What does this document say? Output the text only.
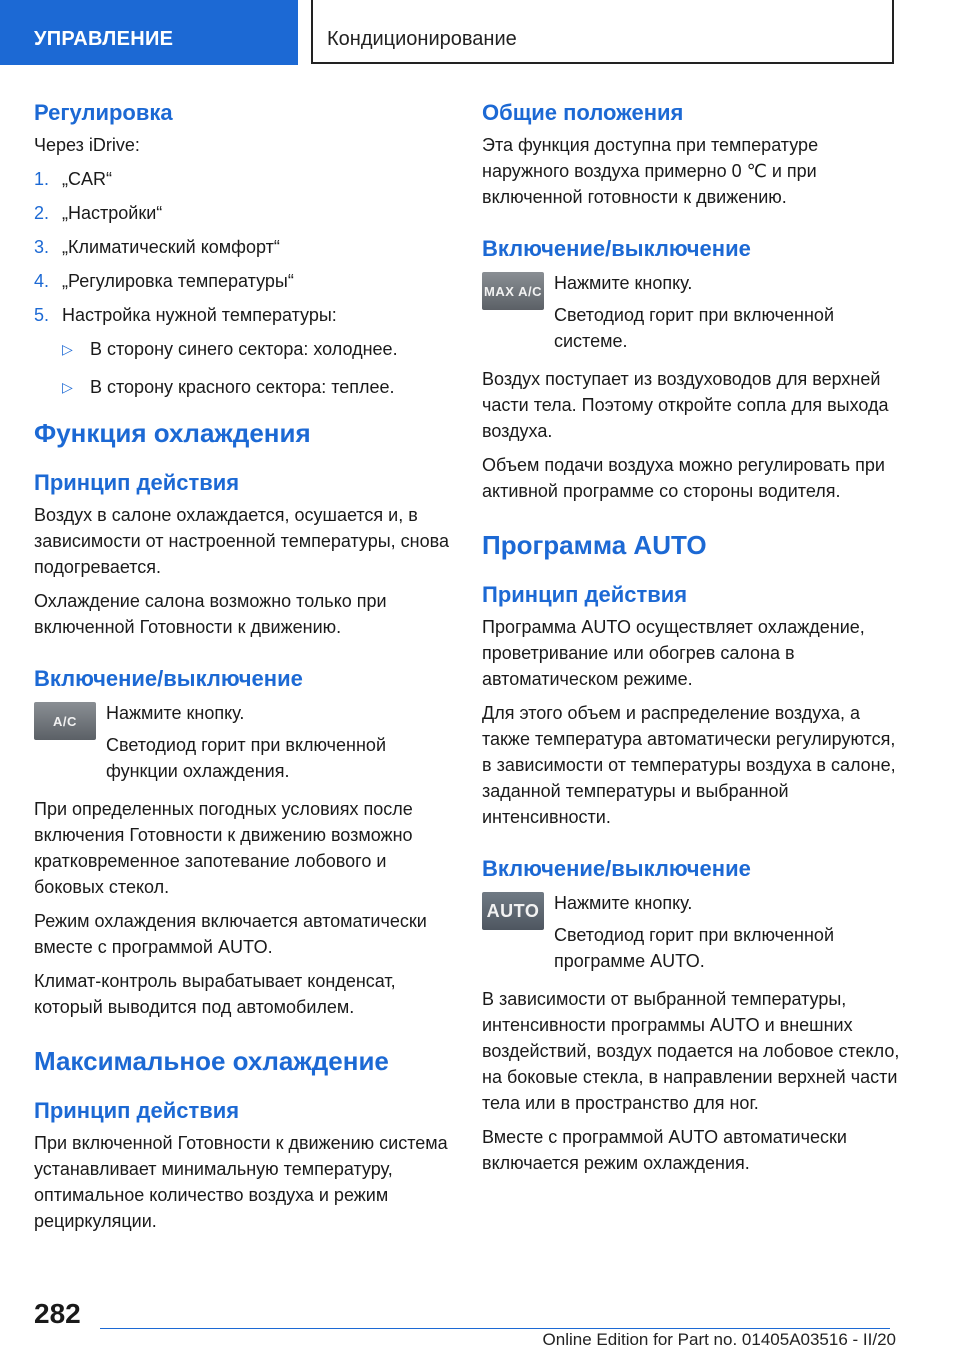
УПРАВЛЕНИЕ	Кондиционирование
Регулировка

Через iDrive:

1. „CAR“
2. „Настройки“
3. „Климатический комфорт“
4. „Регулировка температуры“
5. Настройка нужной температуры:
▷ В сторону синего сектора: холоднее.
▷ В сторону красного сектора: теплее.
Функция охлаждения
Принцип действия

Воздух в салоне охлаждается, осушается и, в зависимости от настроенной температуры, снова подогревается.

Охлаждение салона возможно только при включенной Готовности к движению.

Включение/выключение
A/C	Нажмите кнопку.

Светодиод горит при включенной функции охлаждения.

При определенных погодных условиях после включения Готовности к движению возможно кратковременное запотевание лобового и боковых стекол.

Режим охлаждения включается автоматически вместе с программой AUTO.

Климат-контроль вырабатывает конденсат, который выводится под автомобилем.

Максимальное охлаждение
Принцип действия

При включенной Готовности к движению система устанавливает минимальную температуру, оптимальное количество воздуха и режим рециркуляции.

Общие положения

Эта функция доступна при температуре наружного воздуха примерно 0 ℃ и при включенной готовности к движению.

Включение/выключение
MAX A/C Нажмите кнопку.

Светодиод горит при включенной системе.

Воздух поступает из воздуховодов для верхней части тела. Поэтому откройте сопла для выхода воздуха.

Объем подачи воздуха можно регулировать при активной программе со стороны водителя.

Программа AUTO
Принцип действия

Программа AUTO осуществляет охлаждение, проветривание или обогрев салона в автоматическом режиме.

Для этого объем и распределение воздуха, а также температура автоматически регулируются, в зависимости от температуры воздуха в салоне, заданной температуры и выбранной интенсивности.

Включение/выключение
AUTO Нажмите кнопку.

Светодиод горит при включенной программе AUTO.

В зависимости от выбранной температуры, интенсивности программы AUTO и внешних воздействий, воздух подается на лобовое стекло, на боковые стекла, в направлении верхней части тела или в пространство для ног.

Вместе с программой AUTO автоматически включается режим охлаждения.

282
Online Edition for Part no. 01405A03516 - II/20
